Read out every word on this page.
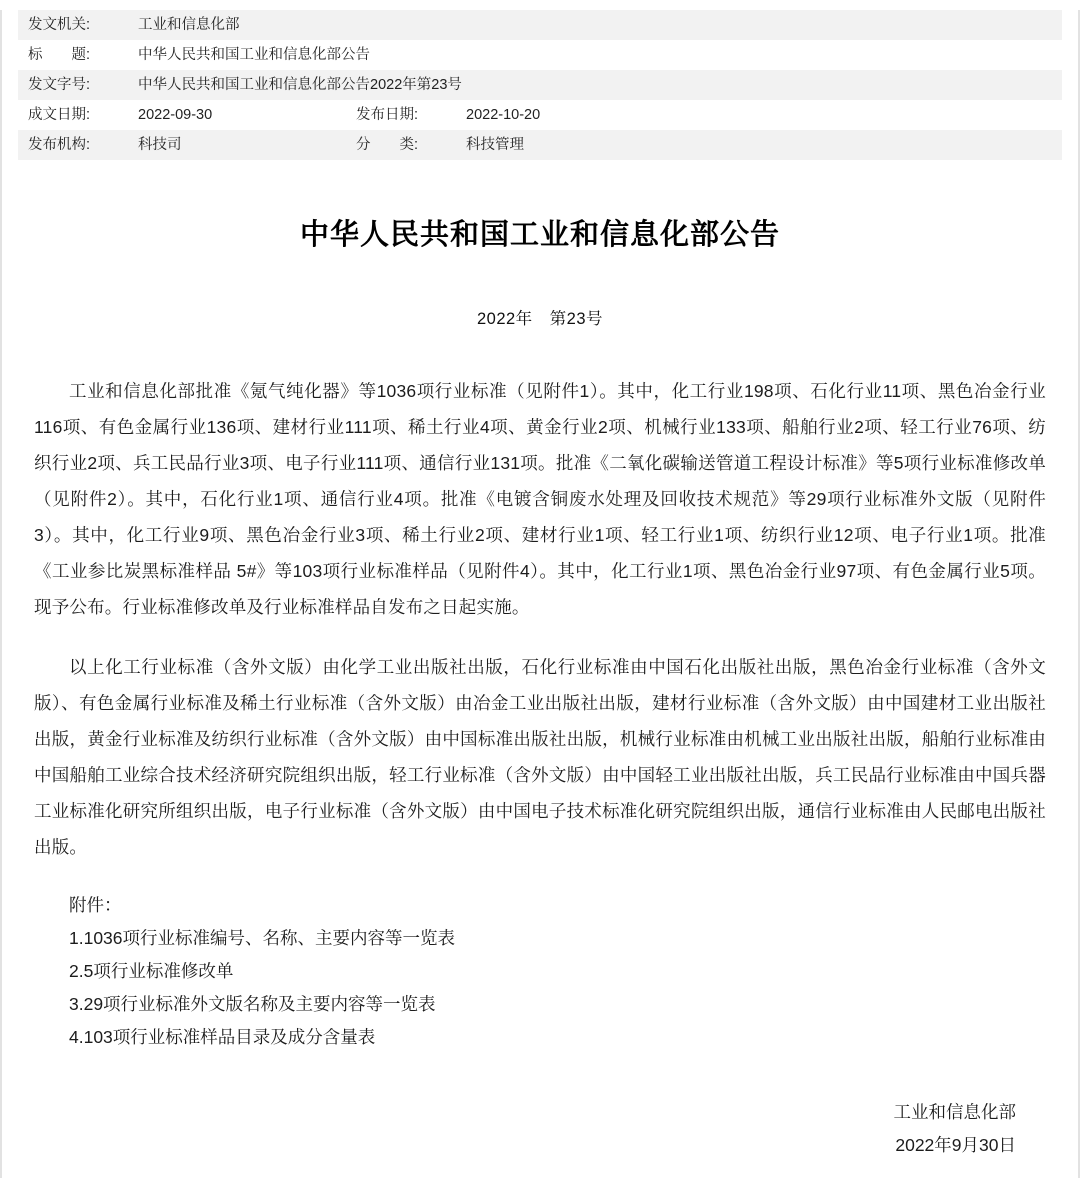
发文机关:	工业和信息化部		
标　　题:	中华人民共和国工业和信息化部公告		
发文字号:	中华人民共和国工业和信息化部公告2022年第23号		
成文日期:	2022-09-30	发布日期:	2022-10-20
发布机构:	科技司	分　　类:	科技管理
中华人民共和国工业和信息化部公告
2022年　第23号

工业和信息化部批准《氪气纯化器》等1036项行业标准（见附件1）。其中，化工行业198项、石化行业11项、黑色冶金行业116项、有色金属行业136项、建材行业111项、稀土行业4项、黄金行业2项、机械行业133项、船舶行业2项、轻工行业76项、纺织行业2项、兵工民品行业3项、电子行业111项、通信行业131项。批准《二氧化碳输送管道工程设计标准》等5项行业标准修改单（见附件2）。其中，石化行业1项、通信行业4项。批准《电镀含铜废水处理及回收技术规范》等29项行业标准外文版（见附件3）。其中，化工行业9项、黑色冶金行业3项、稀土行业2项、建材行业1项、轻工行业1项、纺织行业12项、电子行业1项。批准《工业参比炭黑标准样品 5#》等103项行业标准样品（见附件4）。其中，化工行业1项、黑色冶金行业97项、有色金属行业5项。现予公布。行业标准修改单及行业标准样品自发布之日起实施。

以上化工行业标准（含外文版）由化学工业出版社出版，石化行业标准由中国石化出版社出版，黑色冶金行业标准（含外文版）、有色金属行业标准及稀土行业标准（含外文版）由冶金工业出版社出版，建材行业标准（含外文版）由中国建材工业出版社出版，黄金行业标准及纺织行业标准（含外文版）由中国标准出版社出版，机械行业标准由机械工业出版社出版，船舶行业标准由中国船舶工业综合技术经济研究院组织出版，轻工行业标准（含外文版）由中国轻工业出版社出版，兵工民品行业标准由中国兵器工业标准化研究所组织出版，电子行业标准（含外文版）由中国电子技术标准化研究院组织出版，通信行业标准由人民邮电出版社出版。

附件：
1.1036项行业标准编号、名称、主要内容等一览表
2.5项行业标准修改单
3.29项行业标准外文版名称及主要内容等一览表
4.103项行业标准样品目录及成分含量表
工业和信息化部
2022年9月30日
